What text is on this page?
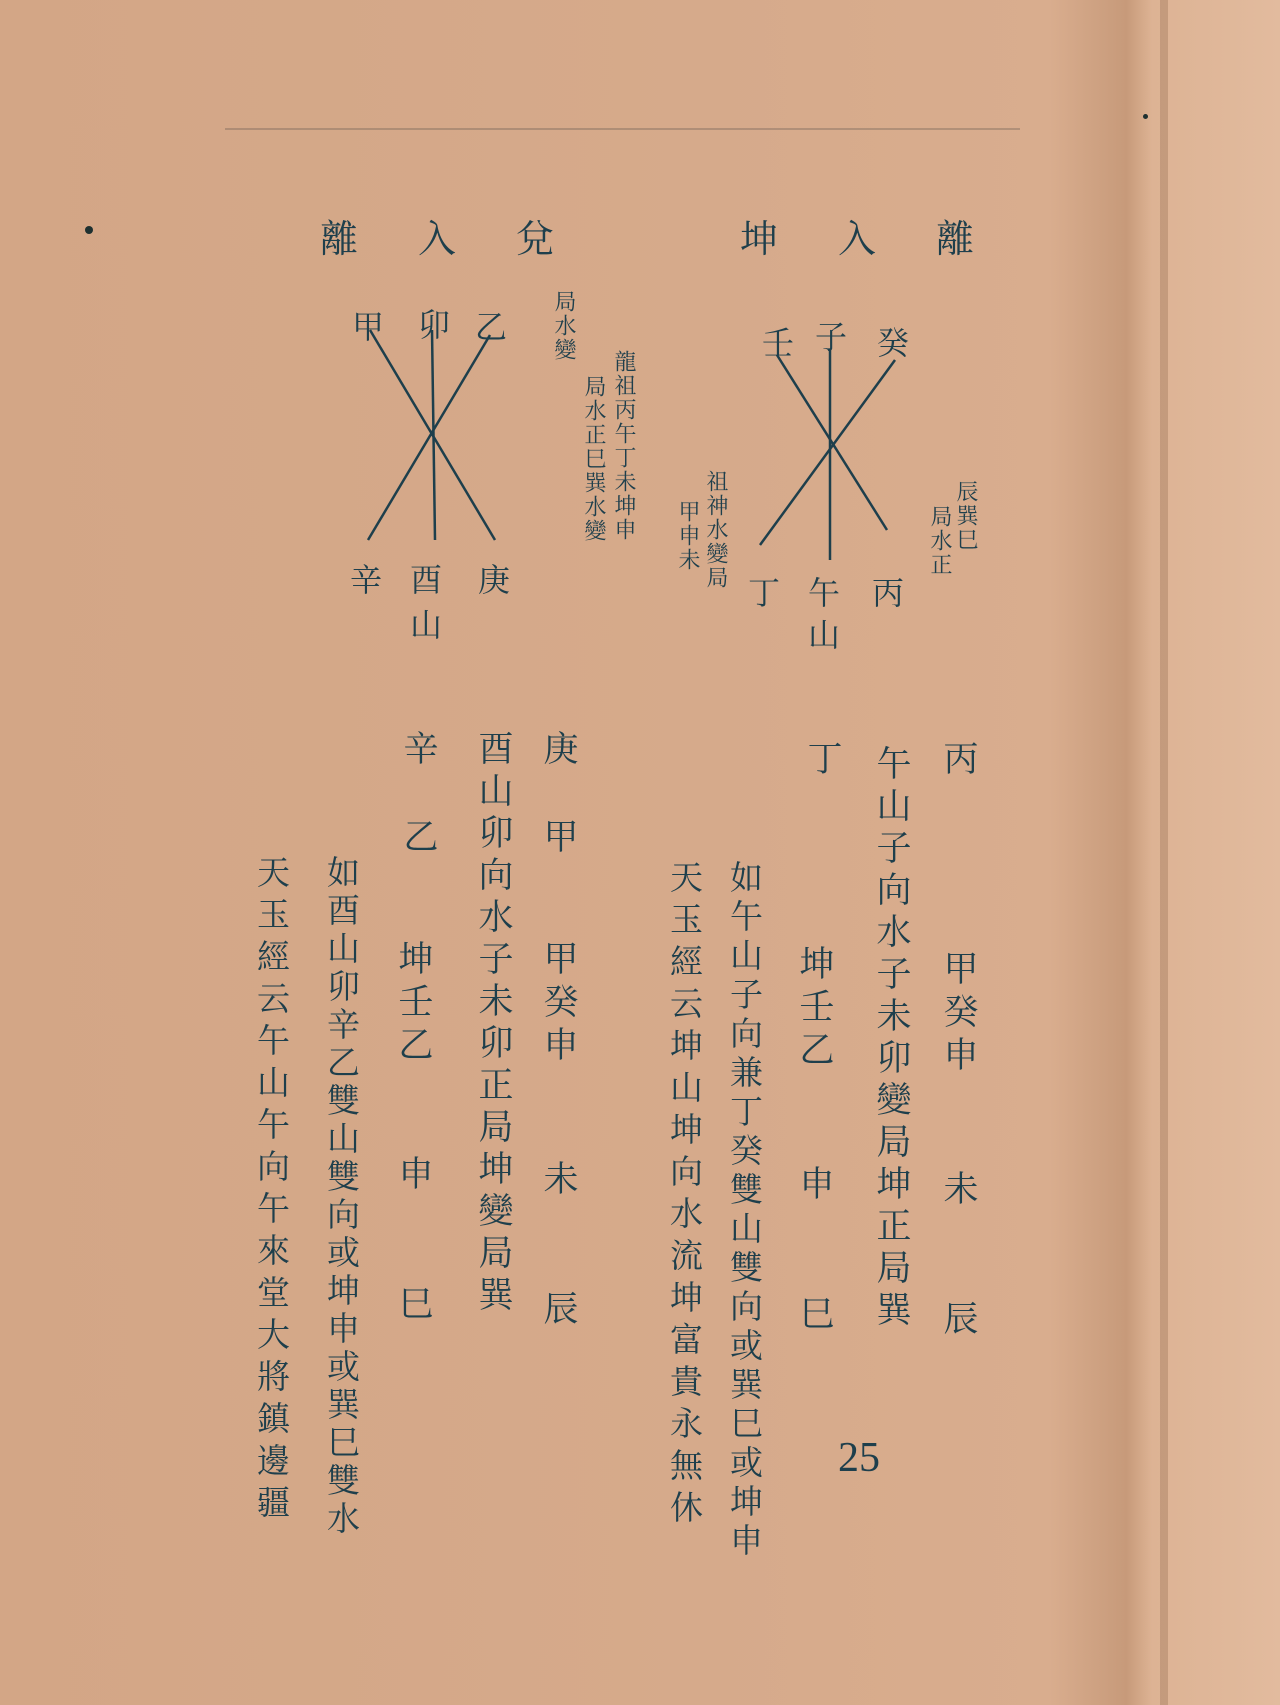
坤入離
離入兌
壬 子 癸
丁 午
山
丙
祖神水變局
甲申未	辰巽巳
局水正
甲 卯 乙
辛 酉
山
庚
龍祖丙午丁未坤申
局水正巳巽水變
局水變
丙
甲癸申
未
辰
午山子向水子未卯變局坤正局巽
丁
坤壬乙
申
巳
如午山子向兼丁癸雙山雙向或巽巳或坤申
天玉經云坤山坤向水流坤富貴永無休
庚
甲
甲癸申
未
辰
酉山卯向水子未卯正局坤變局巽
辛
乙
坤壬乙
申
巳
如酉山卯辛乙雙山雙向或坤申或巽巳雙水
天玉經云午山午向午來堂大將鎮邊疆	25
